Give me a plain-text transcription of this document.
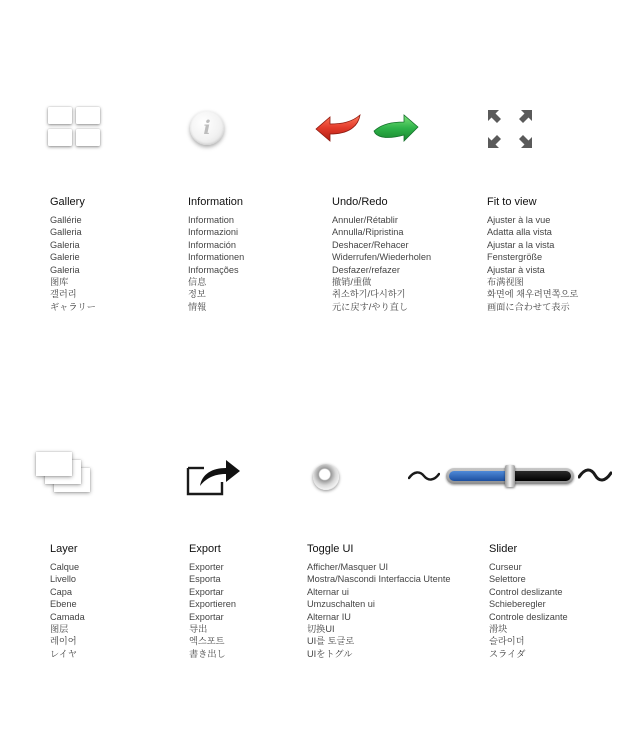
i
Gallery
Gallérie
Galleria
Galeria
Galerie
Galeria
图库
갤러리
ギャラリー
Information
Information
Informazioni
Información
Informationen
Informações
信息
정보
情報
Undo/Redo
Annuler/Rétablir
Annulla/Ripristina
Deshacer/Rehacer
Widerrufen/Wiederholen
Desfazer/refazer
撤销/重做
취소하기/다시하기
元に戻す/やり直し
Fit to view
Ajuster à la vue
Adatta alla vista
Ajustar a la vista
Fenstergröße
Ajustar à vista
布满视图
화면에 채우려면쪽으로
画面に合わせて表示
Layer
Calque
Livello
Capa
Ebene
Camada
图层
레이어
レイヤ
Export
Exporter
Esporta
Exportar
Exportieren
Exportar
导出
엑스포트
書き出し
Toggle UI
Afficher/Masquer UI
Mostra/Nascondi Interfaccia Utente
Alternar ui
Umzuschalten ui
Alternar IU
切换UI
UI를 토글로
UIをトグル
Slider
Curseur
Selettore
Control deslizante
Schieberegler
Controle deslizante
滑块
슬라이더
スライダ
